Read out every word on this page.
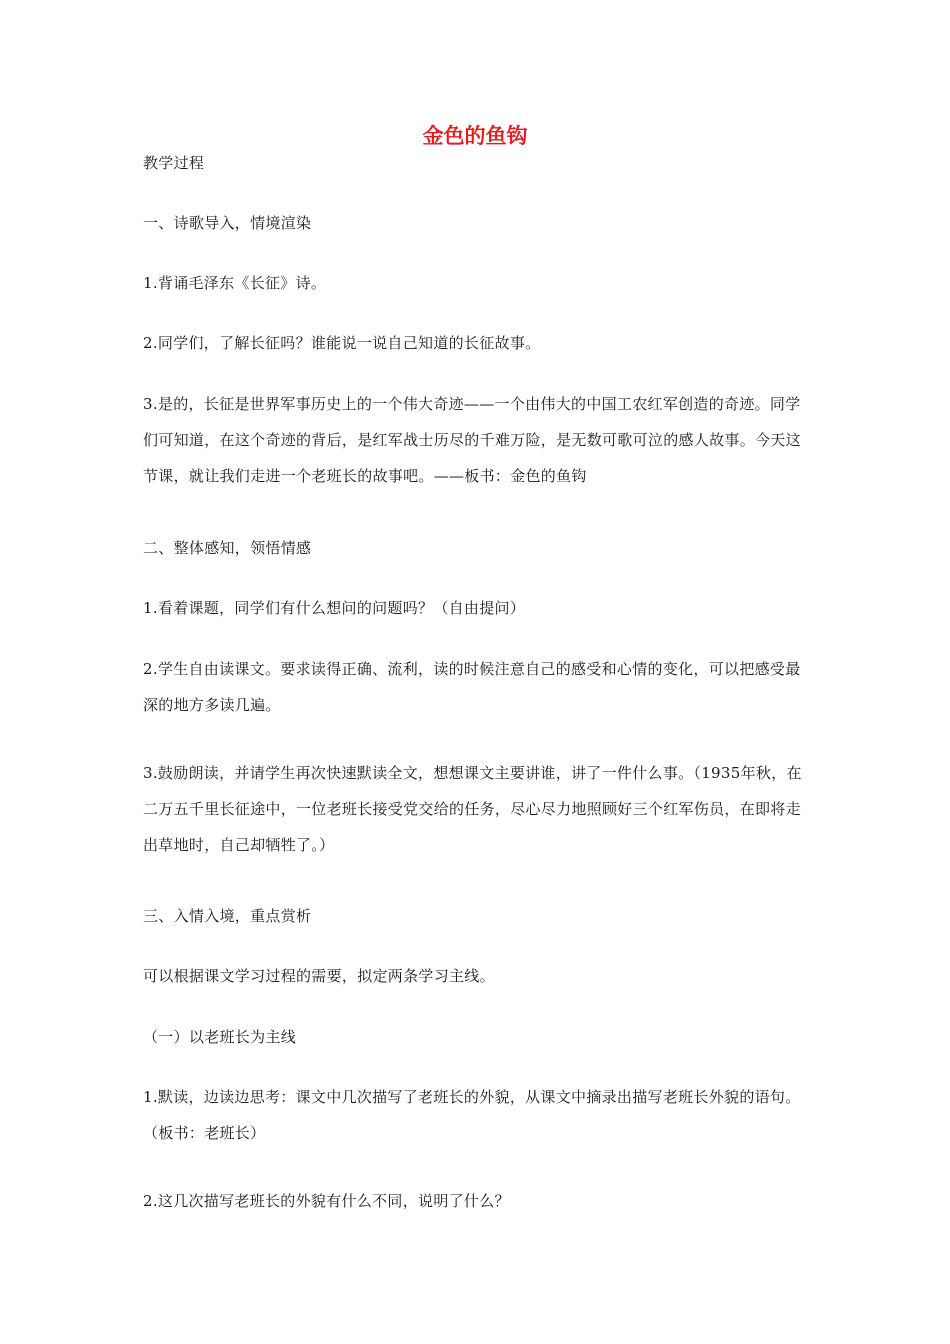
金色的鱼钩

教学过程

一、诗歌导入，情境渲染

1.背诵毛泽东《长征》诗。

2.同学们，了解长征吗？谁能说一说自己知道的长征故事。

3.是的，长征是世界军事历史上的一个伟大奇迹——一个由伟大的中国工农红军创造的奇迹。同学们可知道，在这个奇迹的背后，是红军战士历尽的千难万险，是无数可歌可泣的感人故事。今天这节课，就让我们走进一个老班长的故事吧。——板书：金色的鱼钩

二、整体感知，领悟情感

1.看着课题，同学们有什么想问的问题吗？（自由提问）

2.学生自由读课文。要求读得正确、流利，读的时候注意自己的感受和心情的变化，可以把感受最深的地方多读几遍。

3.鼓励朗读，并请学生再次快速默读全文，想想课文主要讲谁，讲了一件什么事。（1935年秋，在二万五千里长征途中，一位老班长接受党交给的任务，尽心尽力地照顾好三个红军伤员，在即将走出草地时，自己却牺牲了。）

三、入情入境，重点赏析

可以根据课文学习过程的需要，拟定两条学习主线。

（一）以老班长为主线

1.默读，边读边思考：课文中几次描写了老班长的外貌，从课文中摘录出描写老班长外貌的语句。（板书：老班长）

2.这几次描写老班长的外貌有什么不同，说明了什么？
